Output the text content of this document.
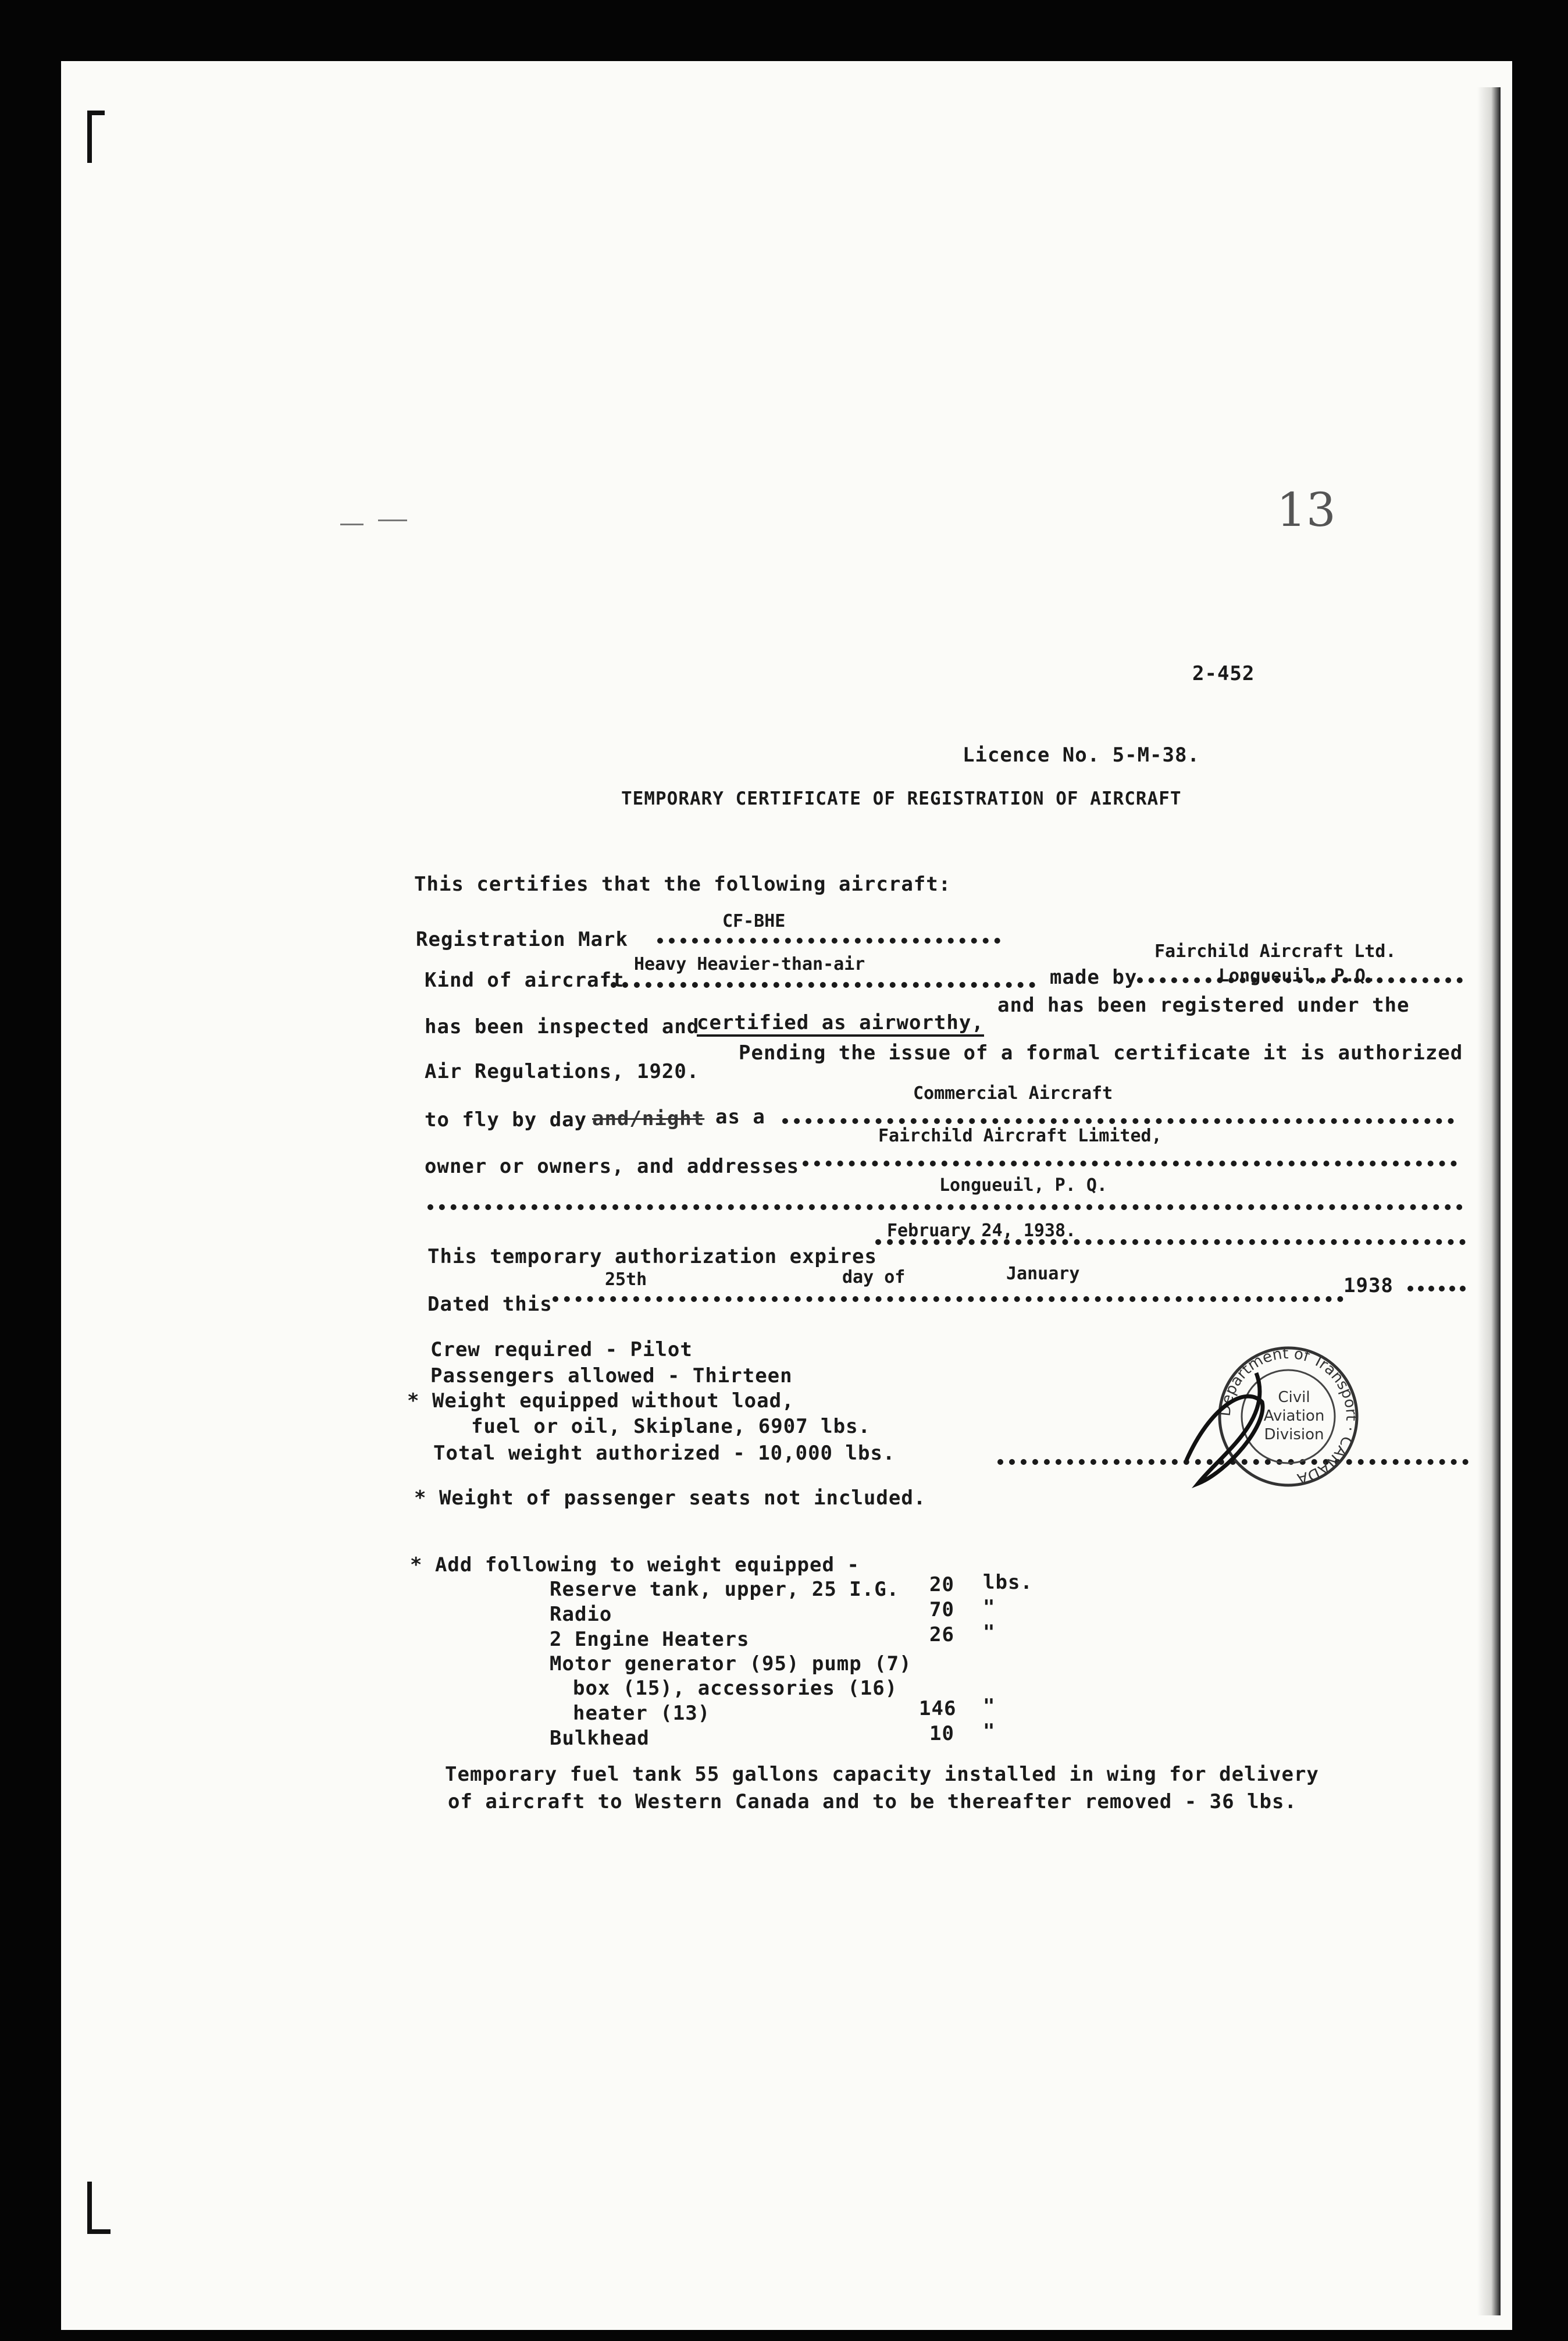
13
2-452
Licence No. 5-M-38.
TEMPORARY CERTIFICATE OF REGISTRATION OF AIRCRAFT
This certifies that the following aircraft:
Registration Mark
CF-BHE
Kind of aircraft
Heavy Heavier-than-air
made by
Fairchild Aircraft Ltd.
Longueuil, P.Q.
has been inspected and
certified as airworthy,
and has been registered under the
Air Regulations, 1920.
Pending the issue of a formal certificate it is authorized
to fly by day and/night as a
Commercial Aircraft
owner or owners, and addresses
Fairchild Aircraft Limited,
Longueuil, P. Q.
This temporary authorization expires
February 24, 1938.
Dated this
25th	day of	January
1938
Crew required - Pilot
Passengers allowed - Thirteen
* Weight equipped without load,
fuel or oil, Skiplane, 6907 lbs.
Total weight authorized - 10,000 lbs.
* Weight of passenger seats not included.
Department of Transport · CANADA
Civil
Aviation
Division
* Add following to weight equipped -
Reserve tank, upper, 25 I.G. 20 lbs.
Radio	70 "
2 Engine Heaters	26 "
Motor generator (95) pump (7)
box (15), accessories (16)
heater (13)	146 "
Bulkhead	10 "
Temporary fuel tank 55 gallons capacity installed in wing for delivery
of aircraft to Western Canada and to be thereafter removed - 36 lbs.
